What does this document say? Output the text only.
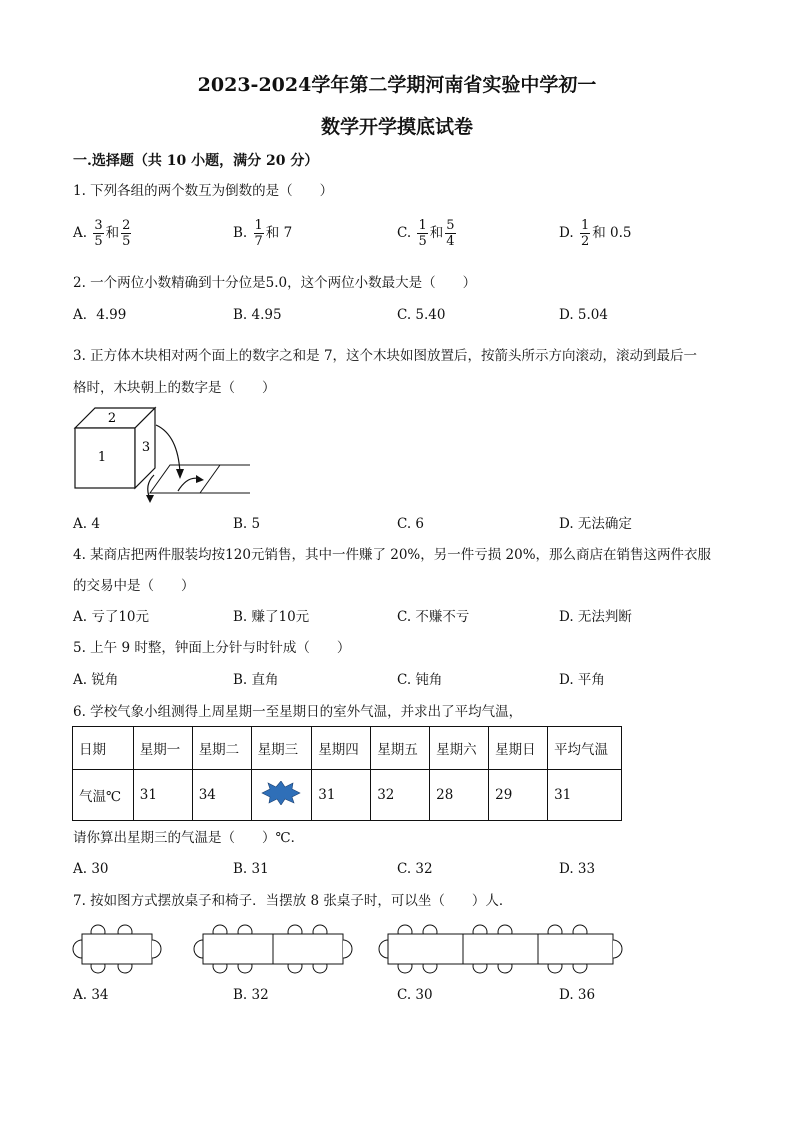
2023-2024学年第二学期河南省实验中学初一
数学开学摸底试卷
一.选择题（共 10 小题，满分 20 分）
1. 下列各组的两个数互为倒数的是（　　）
A. $\frac{3}{5}$ 和 $\frac{2}{5}$	B. $\frac{1}{7}$ 和 7	C. $\frac{1}{5}$ 和 $\frac{5}{4}$	D. $\frac{1}{2}$ 和 0.5
2. 一个两位小数精确到十分位是5.0，这个两位小数最大是（　　）
A．4.99	B. 4.95	C. 5.40	D. 5.04
3. 正方体木块相对两个面上的数字之和是 7，这个木块如图放置后，按箭头所示方向滚动，滚动到最后一
格时，木块朝上的数字是（　　）
2
1
3
A. 4	B. 5	C. 6	D. 无法确定
4. 某商店把两件服装均按120元销售，其中一件赚了 20%，另一件亏损 20%，那么商店在销售这两件衣服
的交易中是（　　）
A. 亏了10元	B. 赚了10元	C. 不赚不亏	D. 无法判断
5. 上午 9 时整，钟面上分针与时针成（　　）
A. 锐角	B. 直角	C. 钝角	D. 平角
6. 学校气象小组测得上周星期一至星期日的室外气温，并求出了平均气温，
日期	星期一	星期二	星期三	星期四	星期五	星期六	星期日	平均气温
气温℃	31	34		31	32	28	29	31
请你算出星期三的气温是（　　）℃．
A. 30	B. 31	C. 32	D. 33
7. 按如图方式摆放桌子和椅子．当摆放 8 张桌子时，可以坐（　　）人．
A. 34	B. 32	C. 30	D. 36
